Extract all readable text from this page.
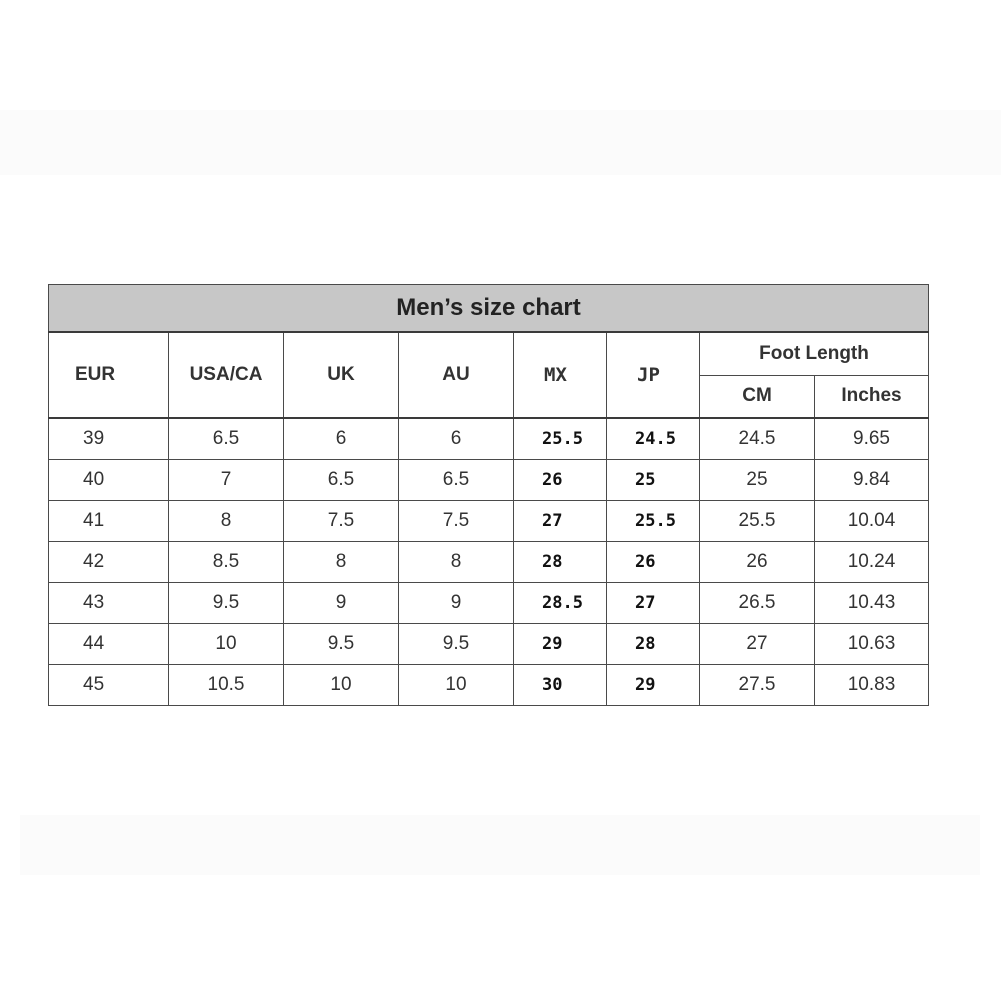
Men’s size chart							
EUR	USA/CA	UK	AU	MX	JP	Foot Length	
						CM	Inches
39	6.5	6	6	25.5	24.5	24.5	9.65
40	7	6.5	6.5	26	25	25	9.84
41	8	7.5	7.5	27	25.5	25.5	10.04
42	8.5	8	8	28	26	26	10.24
43	9.5	9	9	28.5	27	26.5	10.43
44	10	9.5	9.5	29	28	27	10.63
45	10.5	10	10	30	29	27.5	10.83
